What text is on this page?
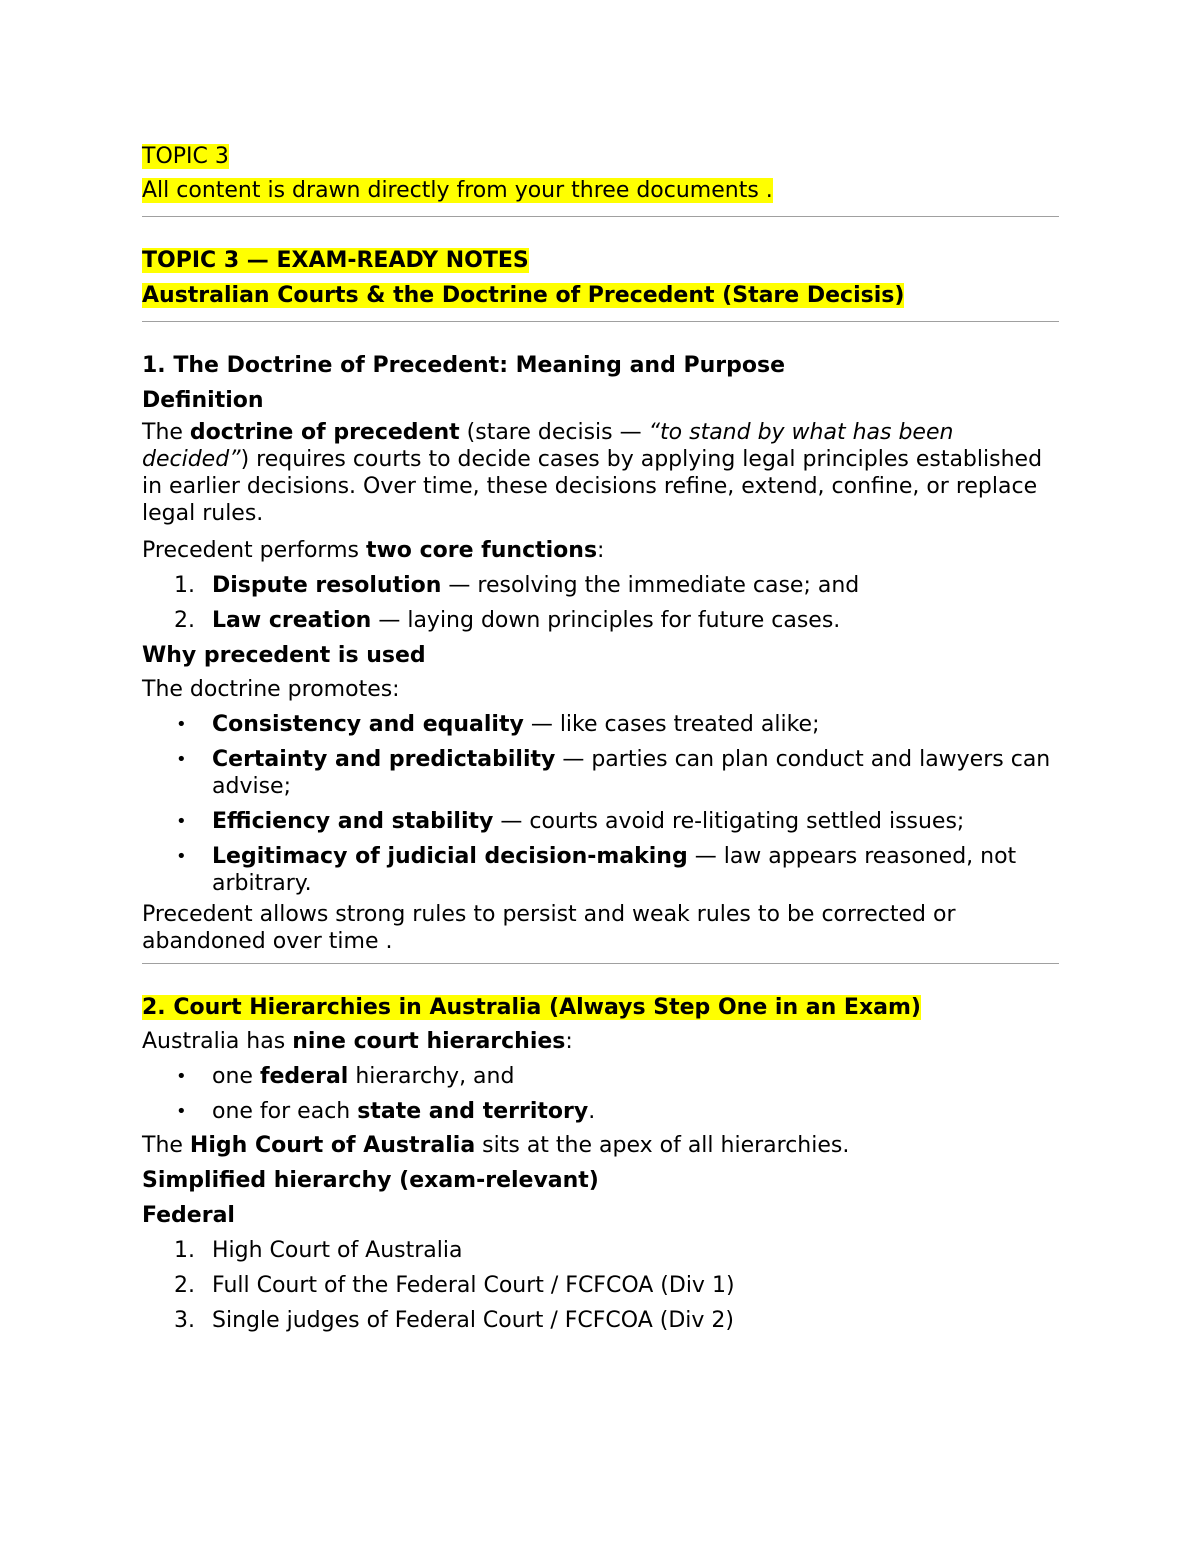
TOPIC 3

All content is drawn directly from your three documents .

TOPIC 3 — EXAM-READY NOTES

Australian Courts & the Doctrine of Precedent (Stare Decisis)

1. The Doctrine of Precedent: Meaning and Purpose

Definition

The doctrine of precedent (stare decisis — “to stand by what has been decided”) requires courts to decide cases by applying legal principles established in earlier decisions. Over time, these decisions refine, extend, confine, or replace legal rules.

Precedent performs two core functions:

1. Dispute resolution — resolving the immediate case; and
2. Law creation — laying down principles for future cases.

Why precedent is used

The doctrine promotes:

• Consistency and equality — like cases treated alike;
• Certainty and predictability — parties can plan conduct and lawyers can advise;
• Efficiency and stability — courts avoid re-litigating settled issues;
• Legitimacy of judicial decision-making — law appears reasoned, not arbitrary.

Precedent allows strong rules to persist and weak rules to be corrected or abandoned over time .

2. Court Hierarchies in Australia (Always Step One in an Exam)

Australia has nine court hierarchies:

• one federal hierarchy, and
• one for each state and territory.

The High Court of Australia sits at the apex of all hierarchies.

Simplified hierarchy (exam-relevant)

Federal

1. High Court of Australia
2. Full Court of the Federal Court / FCFCOA (Div 1)
3. Single judges of Federal Court / FCFCOA (Div 2)
